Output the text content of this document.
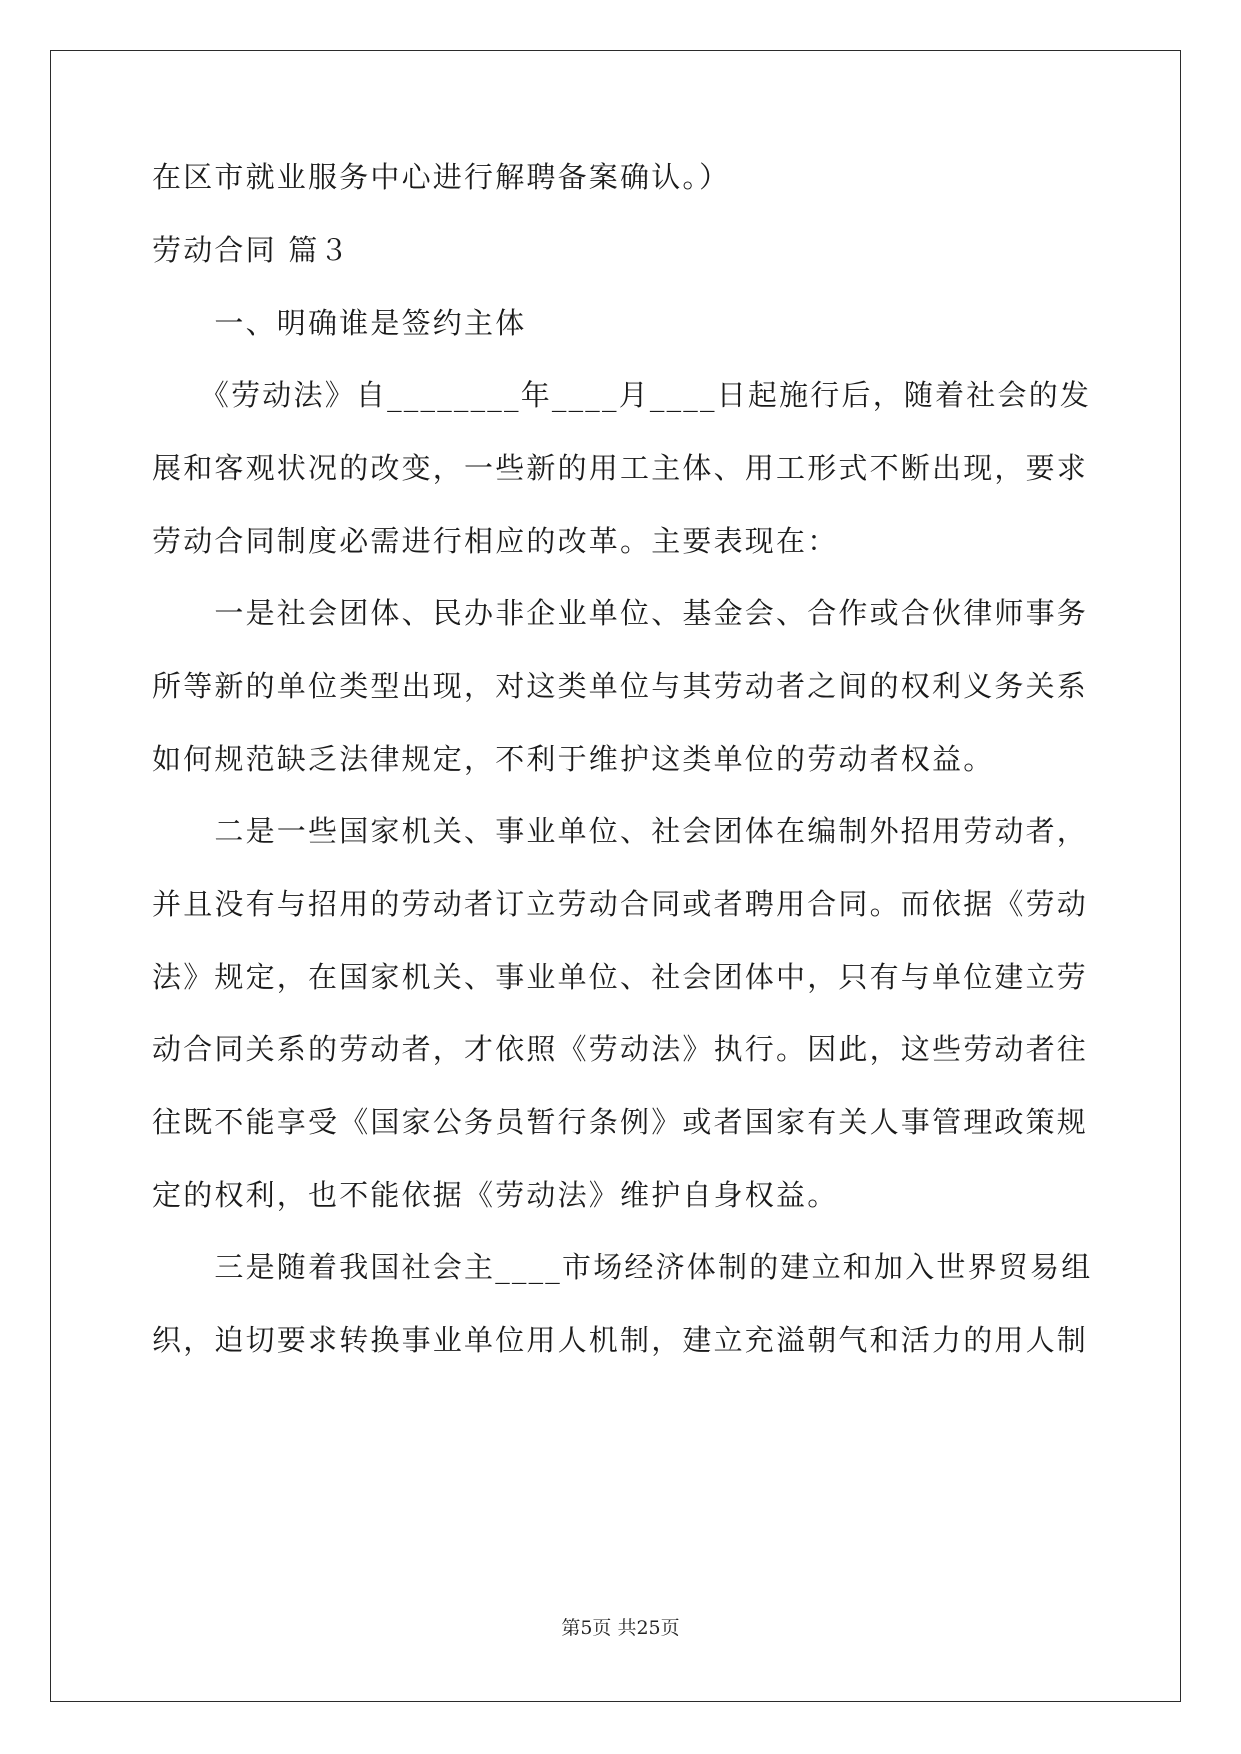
在区市就业服务中心进行解聘备案确认。）
劳动合同 篇３
　　一、明确谁是签约主体
　　《劳动法》自________年____月____日起施行后，随着社会的发
展和客观状况的改变，一些新的用工主体、用工形式不断出现，要求
劳动合同制度必需进行相应的改革。主要表现在：
　　一是社会团体、民办非企业单位、基金会、合作或合伙律师事务
所等新的单位类型出现，对这类单位与其劳动者之间的权利义务关系
如何规范缺乏法律规定，不利于维护这类单位的劳动者权益。
　　二是一些国家机关、事业单位、社会团体在编制外招用劳动者，
并且没有与招用的劳动者订立劳动合同或者聘用合同。而依据《劳动
法》规定，在国家机关、事业单位、社会团体中，只有与单位建立劳
动合同关系的劳动者，才依照《劳动法》执行。因此，这些劳动者往
往既不能享受《国家公务员暂行条例》或者国家有关人事管理政策规
定的权利，也不能依据《劳动法》维护自身权益。
　　三是随着我国社会主____市场经济体制的建立和加入世界贸易组
织，迫切要求转换事业单位用人机制，建立充溢朝气和活力的用人制
第5页 共25页
